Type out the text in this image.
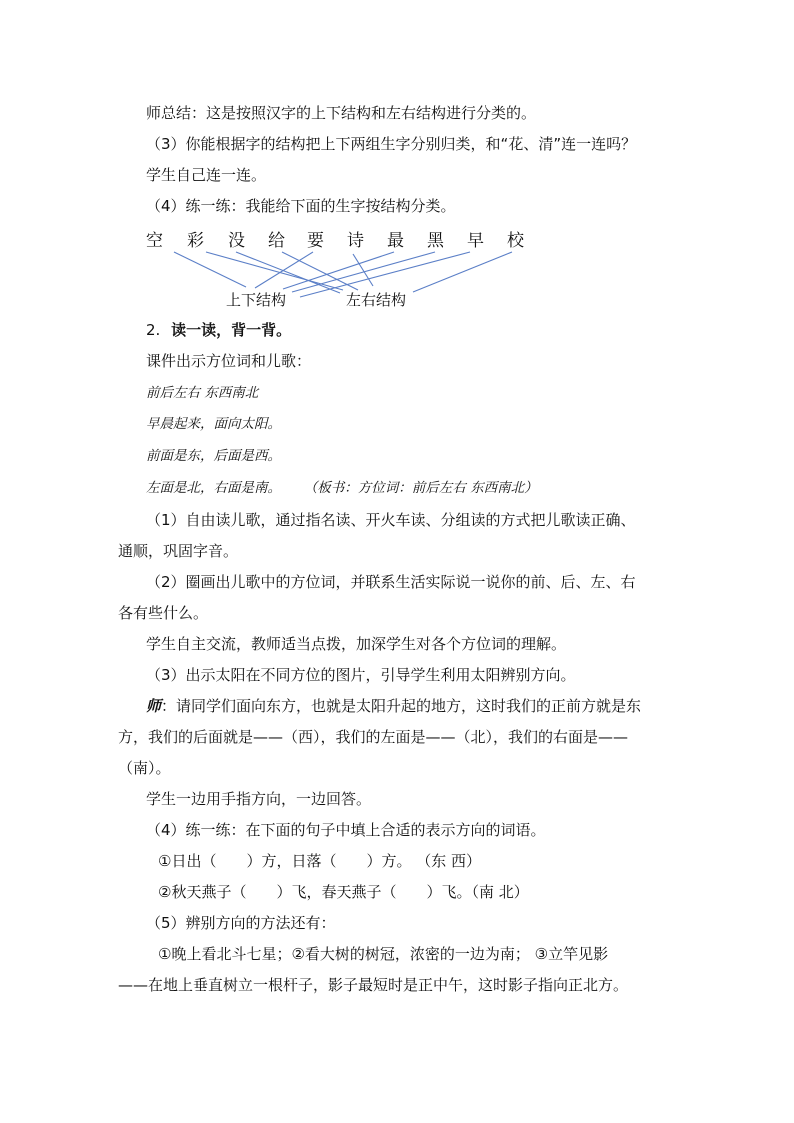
师总结：这是按照汉字的上下结构和左右结构进行分类的。
（3）你能根据字的结构把上下两组生字分别归类，和“花、清”连一连吗？
学生自己连一连。
（4）练一练：我能给下面的生字按结构分类。
空 彩 没 给 要 诗 最 黑 早 校
上下结构	左右结构
2. 读一读，背一背。
课件出示方位词和儿歌：
前后左右 东西南北
早晨起来，面向太阳。
前面是东，后面是西。
左面是北，右面是南。 （板书：方位词：前后左右 东西南北）
（1）自由读儿歌，通过指名读、开火车读、分组读的方式把儿歌读正确、
通顺，巩固字音。
（2）圈画出儿歌中的方位词，并联系生活实际说一说你的前、后、左、右
各有些什么。
学生自主交流，教师适当点拨，加深学生对各个方位词的理解。
（3）出示太阳在不同方位的图片，引导学生利用太阳辨别方向。
师：请同学们面向东方，也就是太阳升起的地方，这时我们的正前方就是东
方，我们的后面就是——（西），我们的左面是——（北），我们的右面是——
（南）。
学生一边用手指方向，一边回答。
（4）练一练：在下面的句子中填上合适的表示方向的词语。
①日出（　　）方，日落（　　）方。 （东 西）
②秋天燕子（　　）飞，春天燕子（　　）飞。（南 北）
（5）辨别方向的方法还有：
①晚上看北斗七星；②看大树的树冠，浓密的一边为南； ③立竿见影
——在地上垂直树立一根杆子，影子最短时是正中午，这时影子指向正北方。
